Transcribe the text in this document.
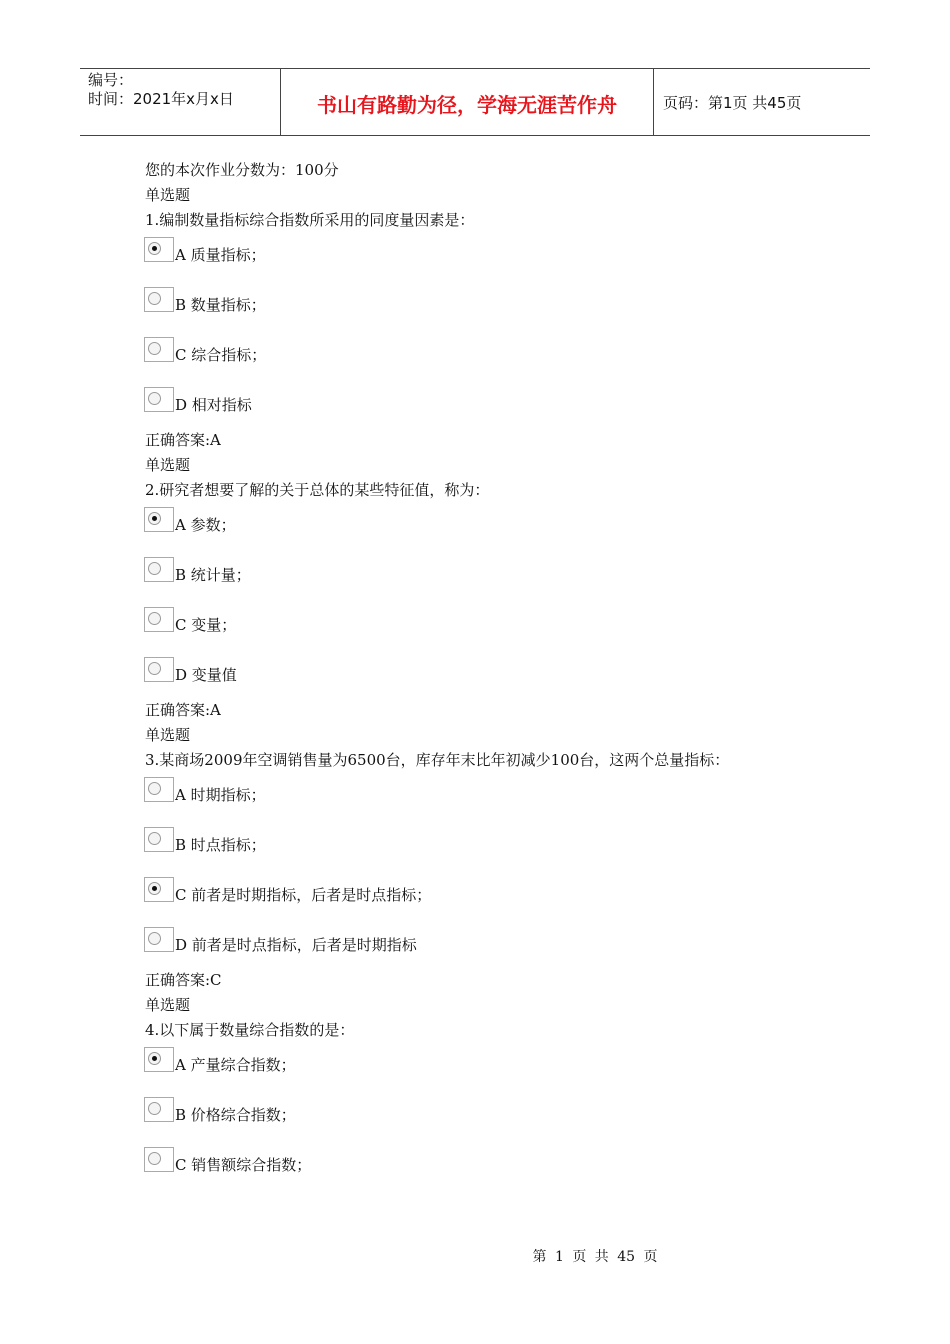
编号：
时间：2021年x月x日	书山有路勤为径，学海无涯苦作舟	页码：第1页 共45页
您的本次作业分数为：100分
单选题
1.编制数量指标综合指数所采用的同度量因素是：
A 质量指标；
B 数量指标；
C 综合指标；
D 相对指标
正确答案:A
单选题
2.研究者想要了解的关于总体的某些特征值，称为：
A 参数；
B 统计量；
C 变量；
D 变量值
正确答案:A
单选题
3.某商场2009年空调销售量为6500台，库存年末比年初减少100台，这两个总量指标：
A 时期指标；
B 时点指标；
C 前者是时期指标，后者是时点指标；
D 前者是时点指标，后者是时期指标
正确答案:C
单选题
4.以下属于数量综合指数的是：
A 产量综合指数；
B 价格综合指数；
C 销售额综合指数；
第 1 页 共 45 页
